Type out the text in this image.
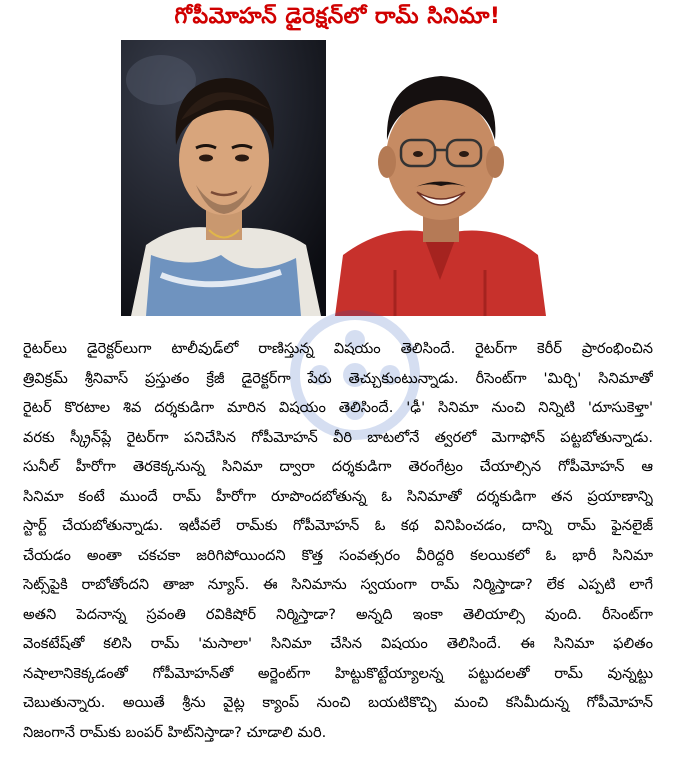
గోపీమోహన్ డైరెక్షన్‌లో రామ్ సినిమా!
రైటర్‌లు డైరెక్టర్‌లుగా టాలీవుడ్‌లో రాణిస్తున్న విషయం తెలిసిందే. రైటర్‌గా కెరీర్ ప్రారంభించిన
త్రివిక్రమ్ శ్రీనివాస్ ప్రస్తుతం క్రేజీ డైరెక్టర్‌గా పేరు తెచ్చుకుంటున్నాడు. రీసెంట్‌గా 'మిర్చి' సినిమాతో
రైటర్ కొరటాల శివ దర్శకుడిగా మారిన విషయం తెలిసిందే. 'ఢీ' సినిమా నుంచి నిన్నిటి 'దూసుకెళ్తా'
వరకు స్క్రీన్‌ప్లే రైటర్‌గా పనిచేసిన గోపీమోహన్ వీరి బాటలోనే త్వరలో మెగాఫోన్ పట్టబోతున్నాడు.
సునీల్ హీరోగా తెరకెక్కనున్న సినిమా ద్వారా దర్శకుడిగా తెరంగేట్రం చేయాల్సిన గోపీమోహన్ ఆ
సినిమా కంటే ముందే రామ్ హీరోగా రూపొందబోతున్న ఓ సినిమాతో దర్శకుడిగా తన ప్రయాణాన్ని
స్టార్ట్ చేయబోతున్నాడు. ఇటీవలే రామ్‌కు గోపీమోహన్ ఓ కథ వినిపించడం, దాన్ని రామ్ ఫైనలైజ్
చేయడం అంతా చకచకా జరిగిపోయిందని కొత్త సంవత్సరం వీరిద్దరి కలయికలో ఓ భారీ సినిమా
సెట్స్‌పైకి రాబోతోందని తాజా న్యూస్. ఈ సినిమాను స్వయంగా రామ్ నిర్మిస్తాడా? లేక ఎప్పటి లాగే
అతని పెదనాన్న స్రవంతి రవికిషోర్ నిర్మిస్తాడా? అన్నది ఇంకా తెలియాల్సి వుంది. రీసెంట్‌గా
వెంకటేష్‌తో కలిసి రామ్ 'మసాలా' సినిమా చేసిన విషయం తెలిసిందే. ఈ సినిమా ఫలితం
నషాలానికెక్కడంతో గోపీమోహన్‌తో అర్జెంట్‌గా హిట్టుకొట్టేయ్యాలన్న పట్టుదలతో రామ్ వున్నట్టు
చెబుతున్నారు. అయితే శ్రీను వైట్ల క్యాంప్ నుంచి బయటికొచ్చి మంచి కసిమీదున్న గోపీమోహన్
నిజంగానే రామ్‌కు బంపర్ హిట్‌నిస్తాడా? చూడాలి మరి.
